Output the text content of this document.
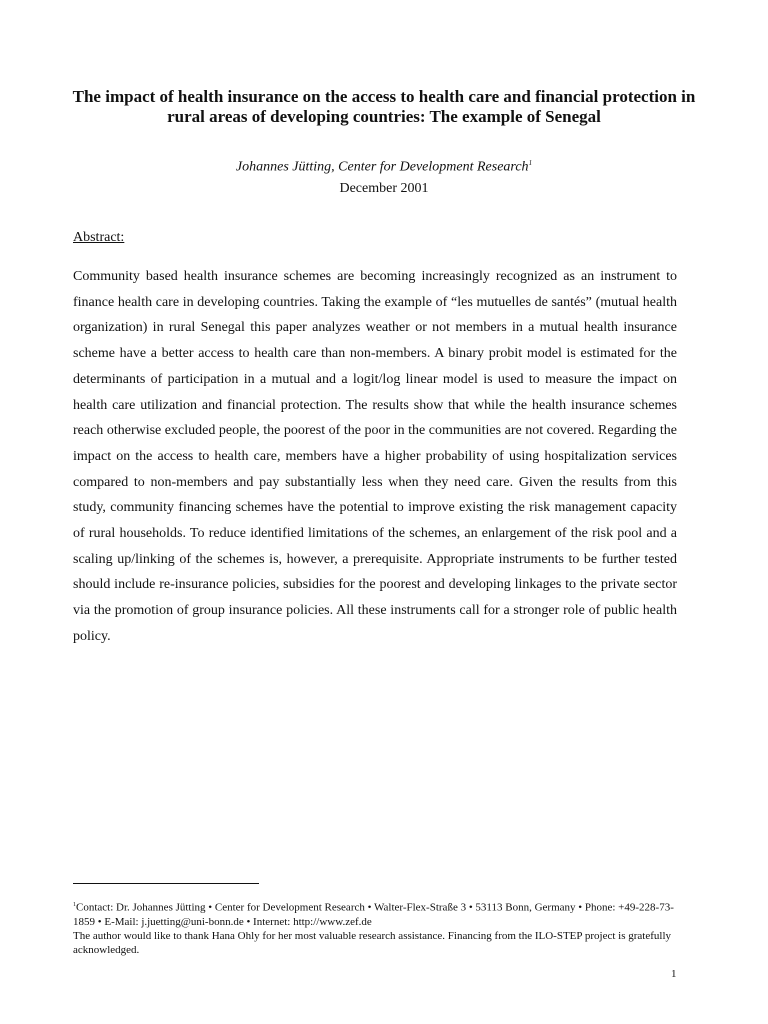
The impact of health insurance on the access to health care and financial protection in rural areas of developing countries: The example of Senegal
Johannes Jütting, Center for Development Research$^1$
December 2001
Abstract:

Community based health insurance schemes are becoming increasingly recognized as an instrument to finance health care in developing countries. Taking the example of “les mutuelles de santés” (mutual health organization) in rural Senegal this paper analyzes weather or not members in a mutual health insurance scheme have a better access to health care than non-members. A binary probit model is estimated for the determinants of participation in a mutual and a logit/log linear model is used to measure the impact on health care utilization and financial protection. The results show that while the health insurance schemes reach otherwise excluded people, the poorest of the poor in the communities are not covered. Regarding the impact on the access to health care, members have a higher probability of using hospitalization services compared to non-members and pay substantially less when they need care. Given the results from this study, community financing schemes have the potential to improve existing the risk management capacity of rural households. To reduce identified limitations of the schemes, an enlargement of the risk pool and a scaling up/linking of the schemes is, however, a prerequisite. Appropriate instruments to be further tested should include re-insurance policies, subsidies for the poorest and developing linkages to the private sector via the promotion of group insurance policies. All these instruments call for a stronger role of public health policy.

$^1$Contact: Dr. Johannes Jütting • Center for Development Research • Walter-Flex-Straße 3 • 53113 Bonn, Germany • Phone: +49-228-73-1859 • E-Mail: j.juetting@uni-bonn.de • Internet: http://www.zef.de

The author would like to thank Hana Ohly for her most valuable research assistance. Financing from the ILO-STEP project is gratefully acknowledged.

1
